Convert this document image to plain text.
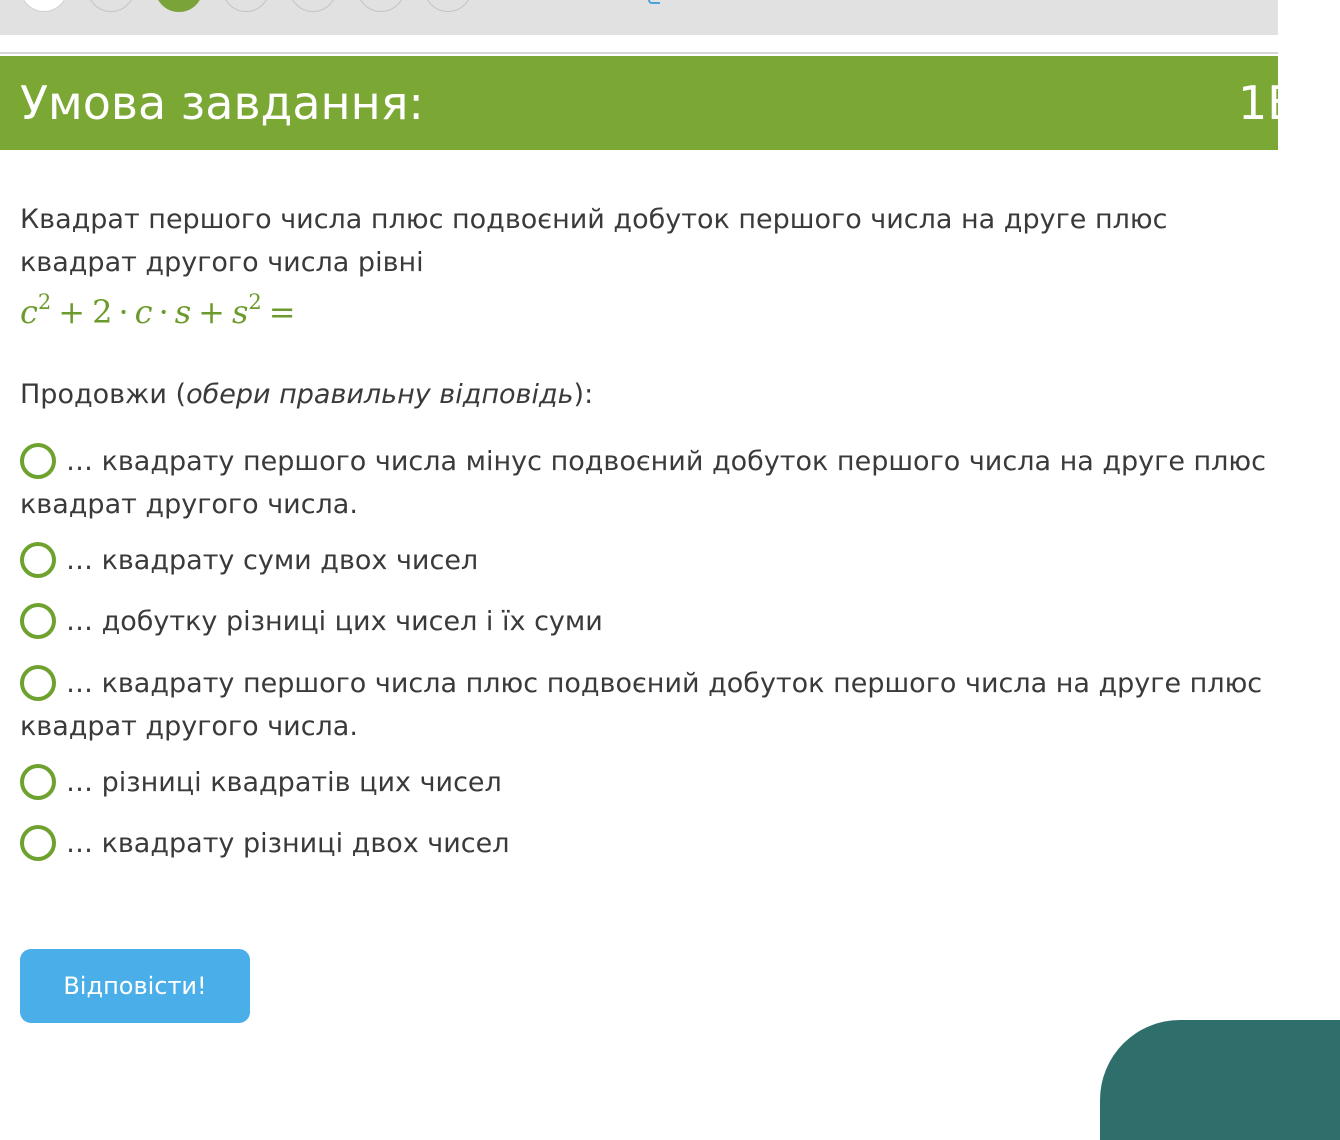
Умова завдання:	1Б
Квадрат першого числа плюс подвоєний добуток першого числа на друге плюс квадрат другого числа рівні
$c^2 + 2 \cdot c \cdot s + s^2$ =
Продовжи (обери правильну відповідь):
… квадрату першого числа мінус подвоєний добуток першого числа на друге плюс квадрат другого числа.
… квадрату суми двох чисел
… добутку різниці цих чисел і їх суми
… квадрату першого числа плюс подвоєний добуток першого числа на друге плюс квадрат другого числа.
… різниці квадратів цих чисел
… квадрату різниці двох чисел
Відповісти!
